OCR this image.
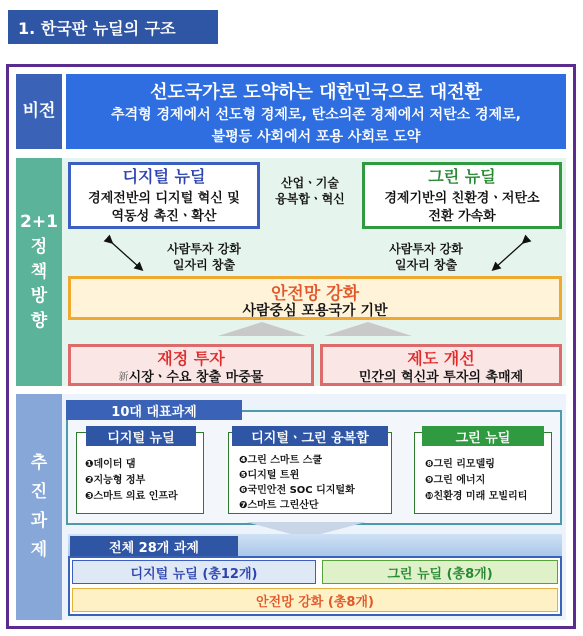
1. 한국판 뉴딜의 구조
비전
선도국가로 도약하는 대한민국으로 대전환
추격형 경제에서 선도형 경제로, 탄소의존 경제에서 저탄소 경제로,
불평등 사회에서 포용 사회로 도약
2+1
정
책
방
향
디지털 뉴딜
경제전반의 디지털 혁신 및
역동성 촉진ㆍ확산
산업ㆍ기술
융복합ㆍ혁신
그린 뉴딜
경제기반의 친환경ㆍ저탄소
전환 가속화
사람투자 강화
일자리 창출
사람투자 강화
일자리 창출
안전망 강화
사람중심 포용국가 기반
재정 투자
新 시장ㆍ수요 창출 마중물
제도 개선
민간의 혁신과 투자의 촉매제
추
진
과
제
10대 대표과제
❶데이터 댐
❷지능형 정부
❸스마트 의료 인프라
디지털 뉴딜
❹그린 스마트 스쿨
❺디지털 트윈
❻국민안전 SOC 디지털화
❼스마트 그린산단
디지털ㆍ그린 융복합
❽그린 리모델링
❾그린 에너지
❿친환경 미래 모빌리티
그린 뉴딜
전체 28개 과제
디지털 뉴딜 (총12개)	그린 뉴딜 (총8개)
안전망 강화 (총8개)
